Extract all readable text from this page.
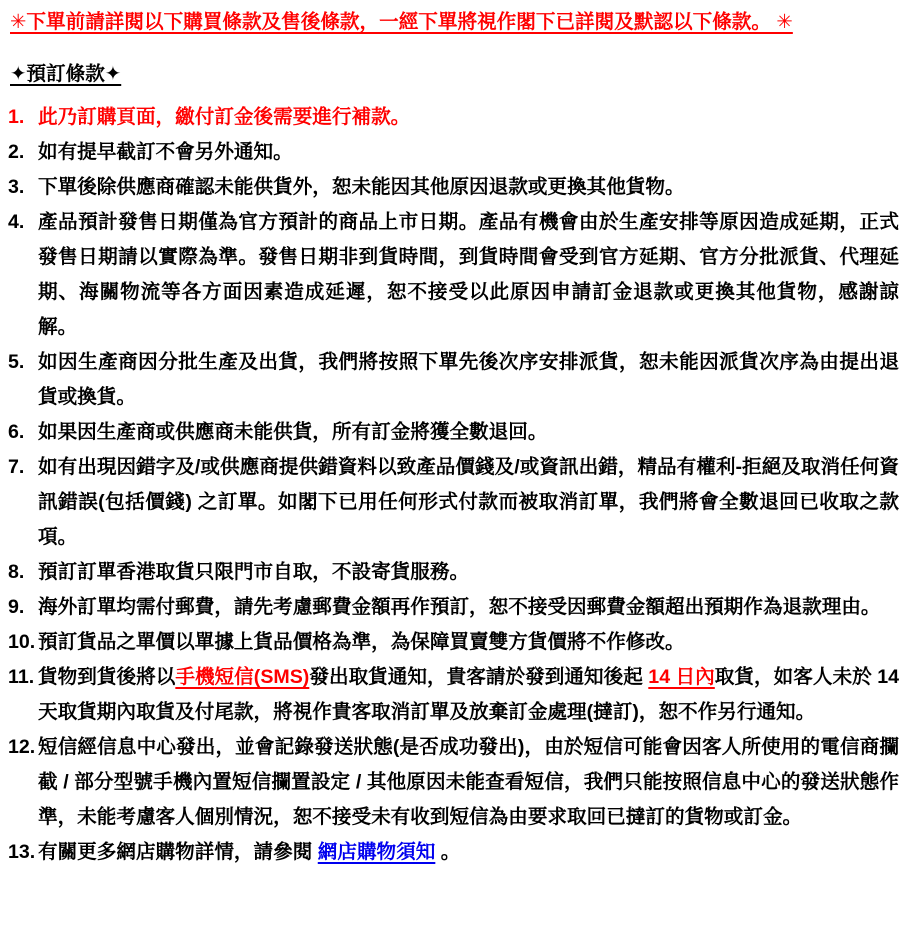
✳下單前請詳閱以下購買條款及售後條款，一經下單將視作閣下已詳閱及默認以下條款。 ✳

✦預訂條款✦
1. 此乃訂購頁面，繳付訂金後需要進行補款。
2. 如有提早截訂不會另外通知。
3. 下單後除供應商確認未能供貨外，恕未能因其他原因退款或更換其他貨物。
4. 產品預計發售日期僅為官方預計的商品上市日期。產品有機會由於生產安排等原因造成延期，正式發售日期請以實際為準。發售日期非到貨時間，到貨時間會受到官方延期、官方分批派貨、代理延期、海關物流等各方面因素造成延遲，恕不接受以此原因申請訂金退款或更換其他貨物，感謝諒解。
5. 如因生產商因分批生產及出貨，我們將按照下單先後次序安排派貨，恕未能因派貨次序為由提出退貨或換貨。
6. 如果因生產商或供應商未能供貨，所有訂金將獲全數退回。
7. 如有出現因錯字及/或供應商提供錯資料以致產品價錢及/或資訊出錯，精品有權利-拒絕及取消任何資訊錯誤(包括價錢) 之訂單。如閣下已用任何形式付款而被取消訂單，我們將會全數退回已收取之款項。
8. 預訂訂單香港取貨只限門市自取，不設寄貨服務。
9. 海外訂單均需付郵費，請先考慮郵費金額再作預訂，恕不接受因郵費金額超出預期作為退款理由。
10. 預訂貨品之單價以單據上貨品價格為準，為保障買賣雙方貨價將不作修改。
11. 貨物到貨後將以手機短信(SMS)發出取貨通知，貴客請於發到通知後起 14 日內取貨，如客人未於 14 天取貨期內取貨及付尾款，將視作貴客取消訂單及放棄訂金處理(撻訂)，恕不作另行通知。
12. 短信經信息中心發出，並會記錄發送狀態(是否成功發出)，由於短信可能會因客人所使用的電信商攔截 / 部分型號手機內置短信攔置設定 / 其他原因未能查看短信，我們只能按照信息中心的發送狀態作準，未能考慮客人個別情況，恕不接受未有收到短信為由要求取回已撻訂的貨物或訂金。
13. 有關更多網店購物詳情，請參閱 網店購物須知 。
